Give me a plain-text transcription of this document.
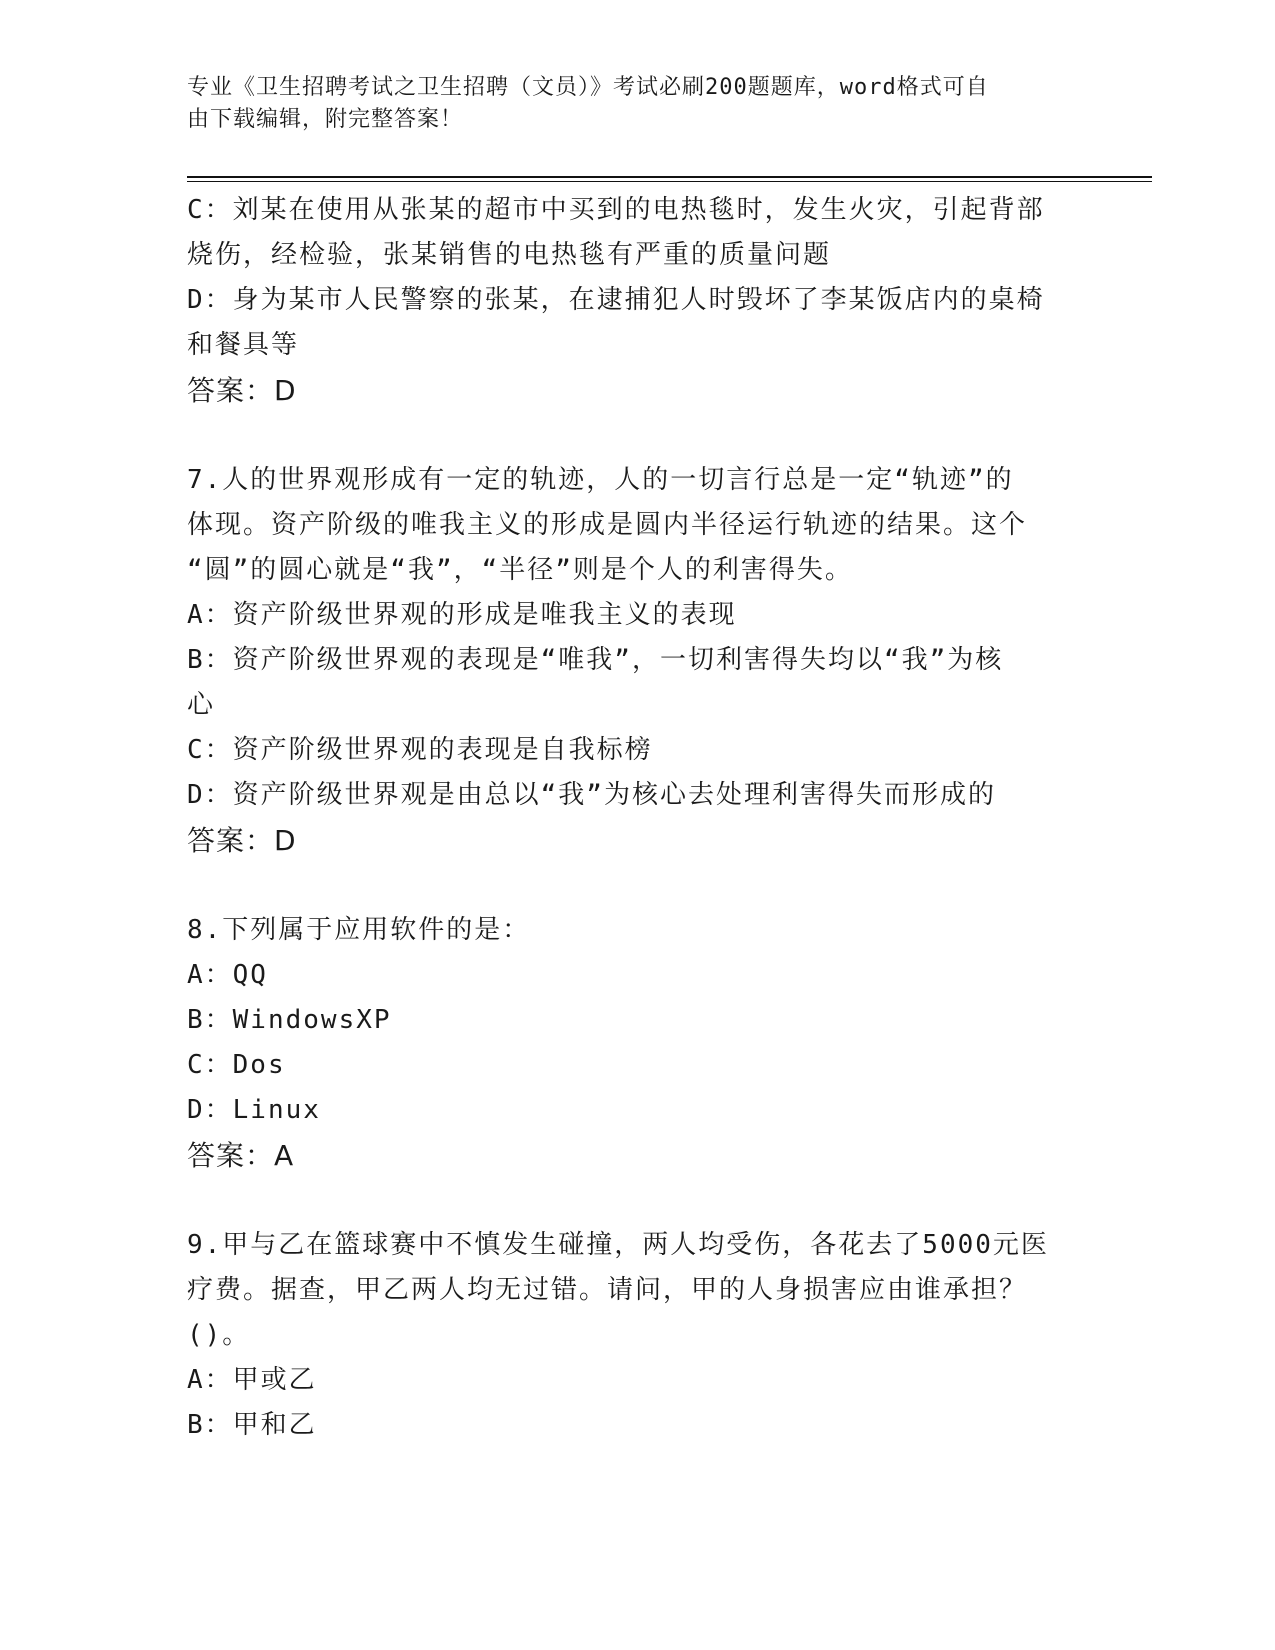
专业《卫生招聘考试之卫生招聘（文员）》考试必刷200题题库，word格式可自
由下载编辑，附完整答案！

C：刘某在使用从张某的超市中买到的电热毯时，发生火灾，引起背部

烧伤，经检验，张某销售的电热毯有严重的质量问题

D：身为某市人民警察的张某，在逮捕犯人时毁坏了李某饭店内的桌椅

和餐具等

答案：D

7.人的世界观形成有一定的轨迹，人的一切言行总是一定“轨迹”的

体现。资产阶级的唯我主义的形成是圆内半径运行轨迹的结果。这个

“圆”的圆心就是“我”，“半径”则是个人的利害得失。

A：资产阶级世界观的形成是唯我主义的表现

B：资产阶级世界观的表现是“唯我”，一切利害得失均以“我”为核

心

C：资产阶级世界观的表现是自我标榜

D：资产阶级世界观是由总以“我”为核心去处理利害得失而形成的

答案：D

8.下列属于应用软件的是：

A：QQ

B：WindowsXP

C：Dos

D：Linux

答案：A

9.甲与乙在篮球赛中不慎发生碰撞，两人均受伤，各花去了5000元医

疗费。据查，甲乙两人均无过错。请问，甲的人身损害应由谁承担？

()。

A：甲或乙

B：甲和乙
